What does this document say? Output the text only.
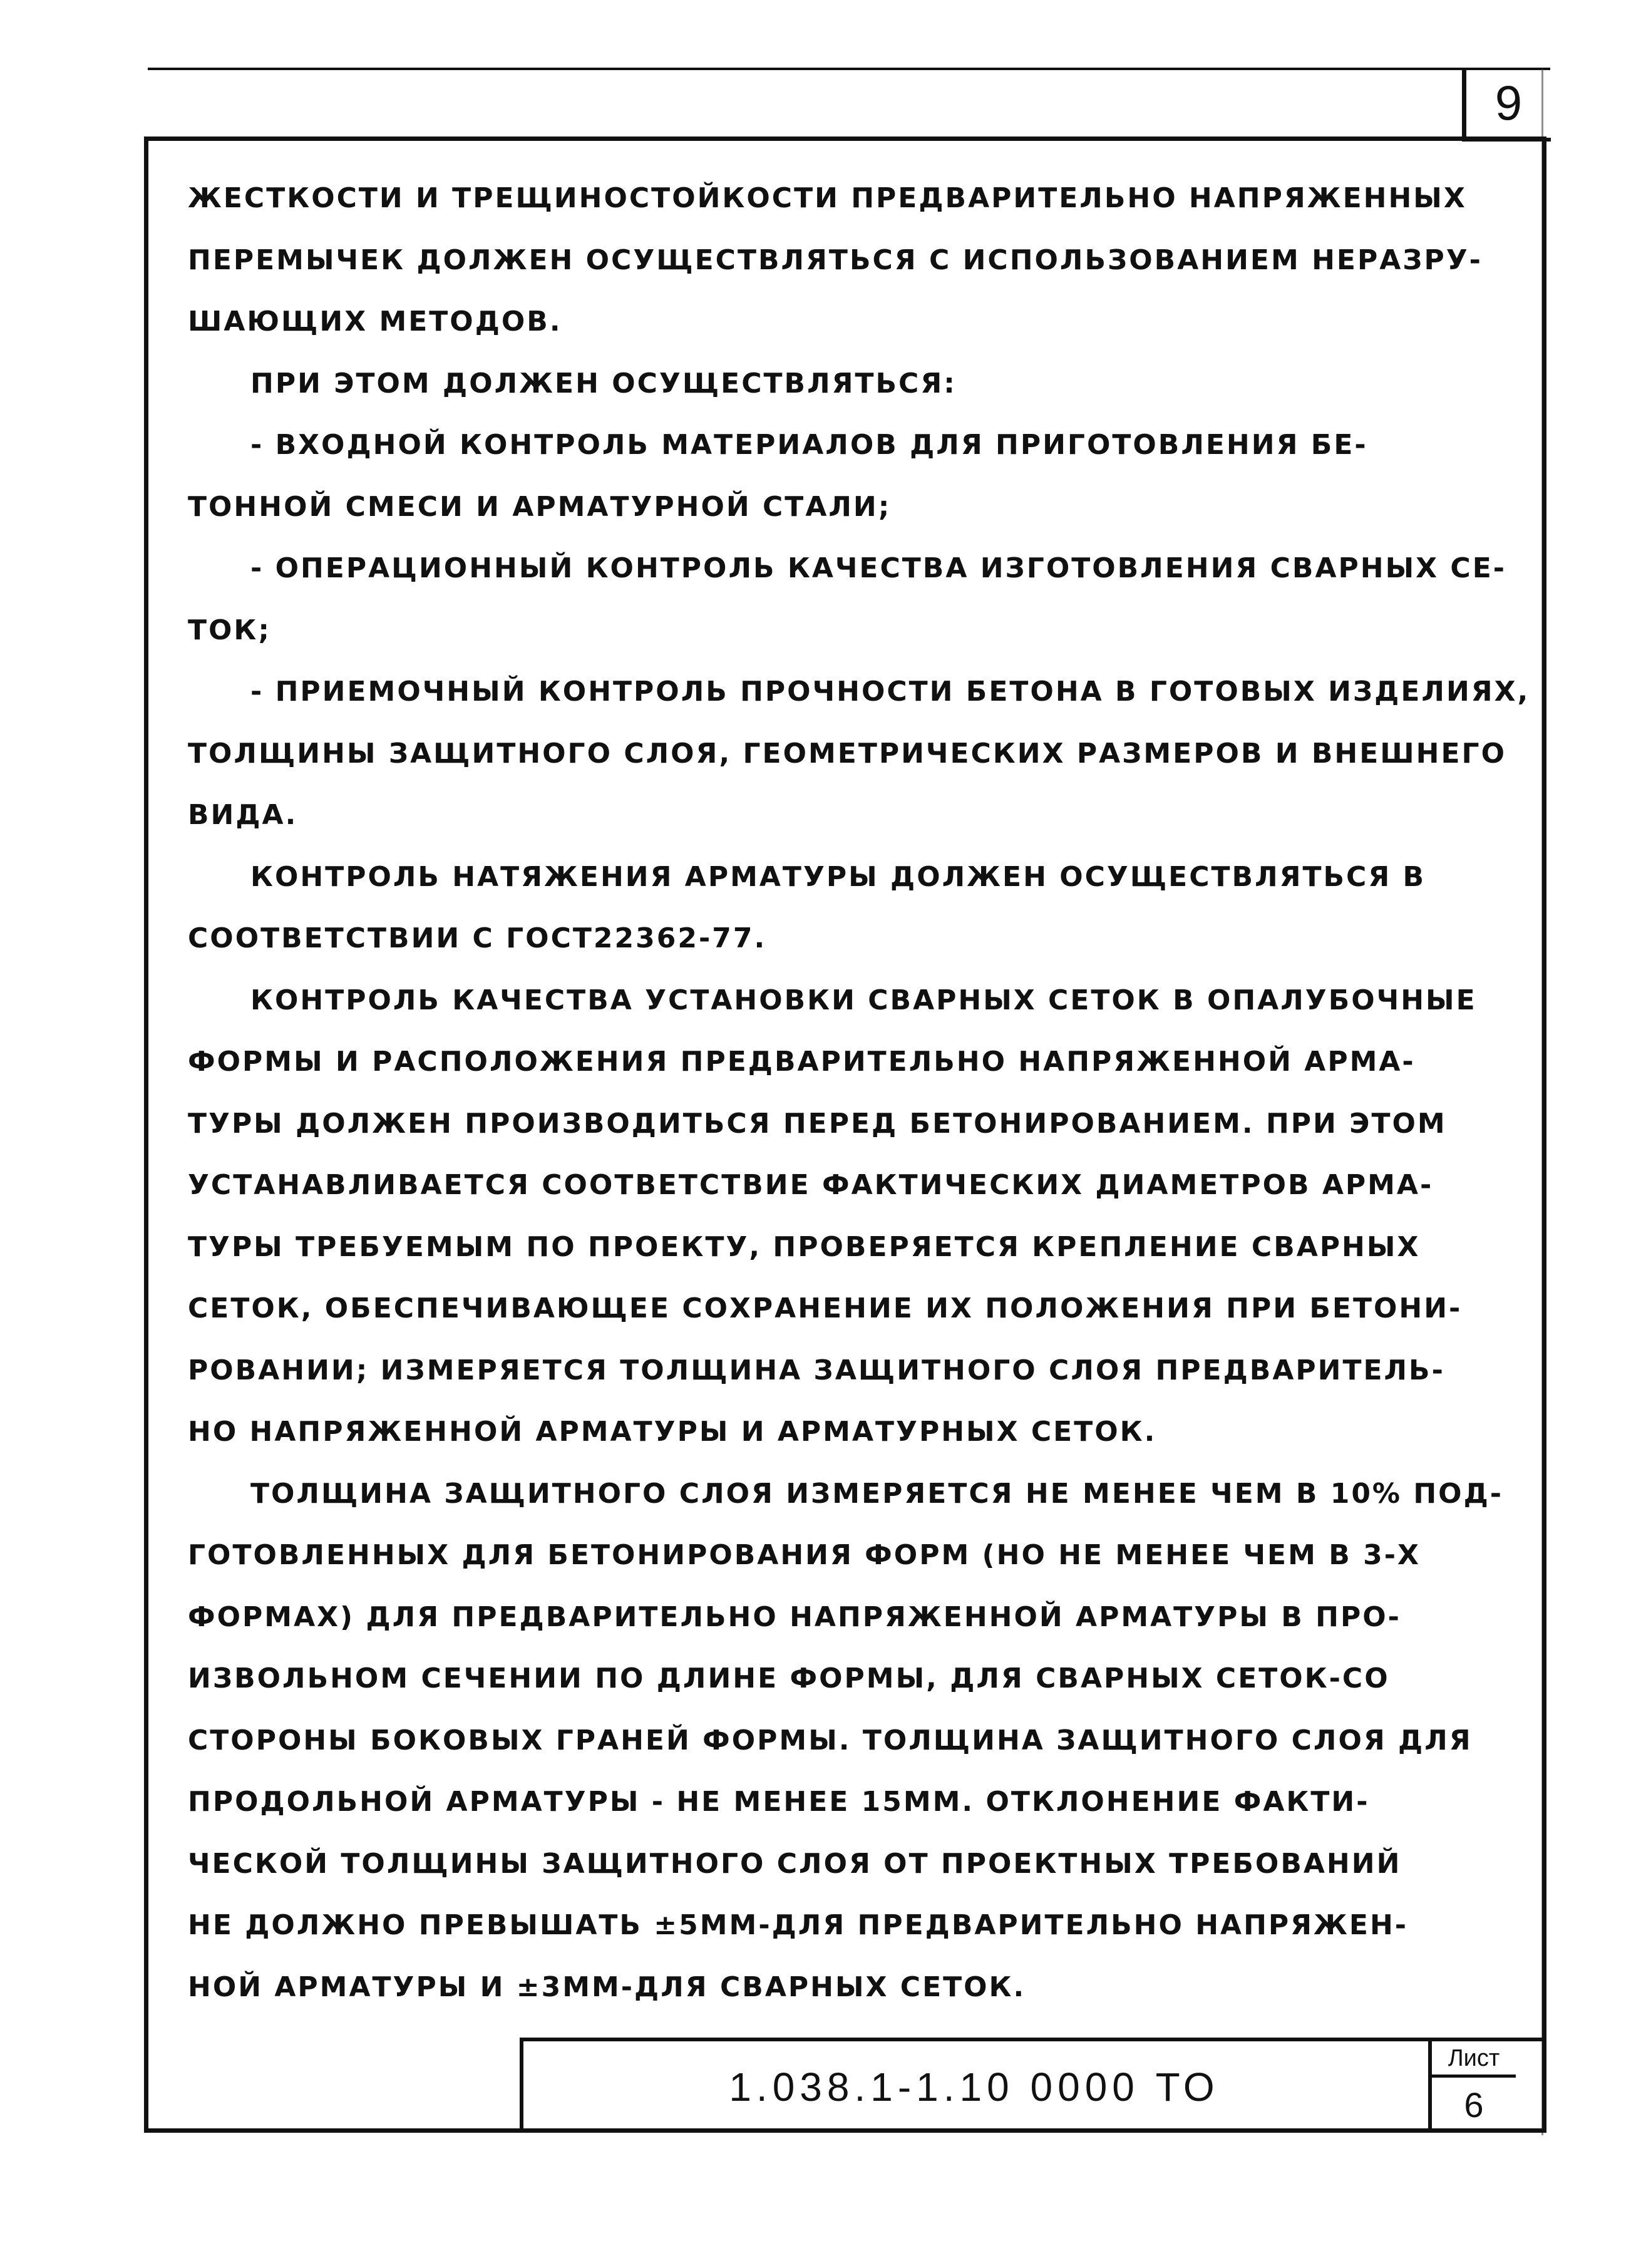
9
ЖЕСТКОСТИ И ТРЕЩИНОСТОЙКОСТИ ПРЕДВАРИТЕЛЬНО НАПРЯЖЕННЫХ
ПЕРЕМЫЧЕК ДОЛЖЕН ОСУЩЕСТВЛЯТЬСЯ С ИСПОЛЬЗОВАНИЕМ НЕРАЗРУ-
ШАЮЩИХ МЕТОДОВ.
ПРИ ЭТОМ ДОЛЖЕН ОСУЩЕСТВЛЯТЬСЯ:
- ВХОДНОЙ КОНТРОЛЬ МАТЕРИАЛОВ ДЛЯ ПРИГОТОВЛЕНИЯ БЕ-
ТОННОЙ СМЕСИ И АРМАТУРНОЙ СТАЛИ;
- ОПЕРАЦИОННЫЙ КОНТРОЛЬ КАЧЕСТВА ИЗГОТОВЛЕНИЯ СВАРНЫХ СЕ-
ТОК;
- ПРИЕМОЧНЫЙ КОНТРОЛЬ ПРОЧНОСТИ БЕТОНА В ГОТОВЫХ ИЗДЕЛИЯХ,
ТОЛЩИНЫ ЗАЩИТНОГО СЛОЯ, ГЕОМЕТРИЧЕСКИХ РАЗМЕРОВ И ВНЕШНЕГО
ВИДА.
КОНТРОЛЬ НАТЯЖЕНИЯ АРМАТУРЫ ДОЛЖЕН ОСУЩЕСТВЛЯТЬСЯ В
СООТВЕТСТВИИ С ГОСТ22362-77.
КОНТРОЛЬ КАЧЕСТВА УСТАНОВКИ СВАРНЫХ СЕТОК В ОПАЛУБОЧНЫЕ
ФОРМЫ И РАСПОЛОЖЕНИЯ ПРЕДВАРИТЕЛЬНО НАПРЯЖЕННОЙ АРМА-
ТУРЫ ДОЛЖЕН ПРОИЗВОДИТЬСЯ ПЕРЕД БЕТОНИРОВАНИЕМ. ПРИ ЭТОМ
УСТАНАВЛИВАЕТСЯ СООТВЕТСТВИЕ ФАКТИЧЕСКИХ ДИАМЕТРОВ АРМА-
ТУРЫ ТРЕБУЕМЫМ ПО ПРОЕКТУ, ПРОВЕРЯЕТСЯ КРЕПЛЕНИЕ СВАРНЫХ
СЕТОК, ОБЕСПЕЧИВАЮЩЕЕ СОХРАНЕНИЕ ИХ ПОЛОЖЕНИЯ ПРИ БЕТОНИ-
РОВАНИИ; ИЗМЕРЯЕТСЯ ТОЛЩИНА ЗАЩИТНОГО СЛОЯ ПРЕДВАРИТЕЛЬ-
НО НАПРЯЖЕННОЙ АРМАТУРЫ И АРМАТУРНЫХ СЕТОК.
ТОЛЩИНА ЗАЩИТНОГО СЛОЯ ИЗМЕРЯЕТСЯ НЕ МЕНЕЕ ЧЕМ В 10% ПОД-
ГОТОВЛЕННЫХ ДЛЯ БЕТОНИРОВАНИЯ ФОРМ (НО НЕ МЕНЕЕ ЧЕМ В 3-Х
ФОРМАХ) ДЛЯ ПРЕДВАРИТЕЛЬНО НАПРЯЖЕННОЙ АРМАТУРЫ В ПРО-
ИЗВОЛЬНОМ СЕЧЕНИИ ПО ДЛИНЕ ФОРМЫ, ДЛЯ СВАРНЫХ СЕТОК-СО
СТОРОНЫ БОКОВЫХ ГРАНЕЙ ФОРМЫ. ТОЛЩИНА ЗАЩИТНОГО СЛОЯ ДЛЯ
ПРОДОЛЬНОЙ АРМАТУРЫ - НЕ МЕНЕЕ 15ММ. ОТКЛОНЕНИЕ ФАКТИ-
ЧЕСКОЙ ТОЛЩИНЫ ЗАЩИТНОГО СЛОЯ ОТ ПРОЕКТНЫХ ТРЕБОВАНИЙ
НЕ ДОЛЖНО ПРЕВЫШАТЬ ±5ММ-ДЛЯ ПРЕДВАРИТЕЛЬНО НАПРЯЖЕН-
НОЙ АРМАТУРЫ И ±3ММ-ДЛЯ СВАРНЫХ СЕТОК.
1.038.1-1.10 0000 ТО
Лист
6
